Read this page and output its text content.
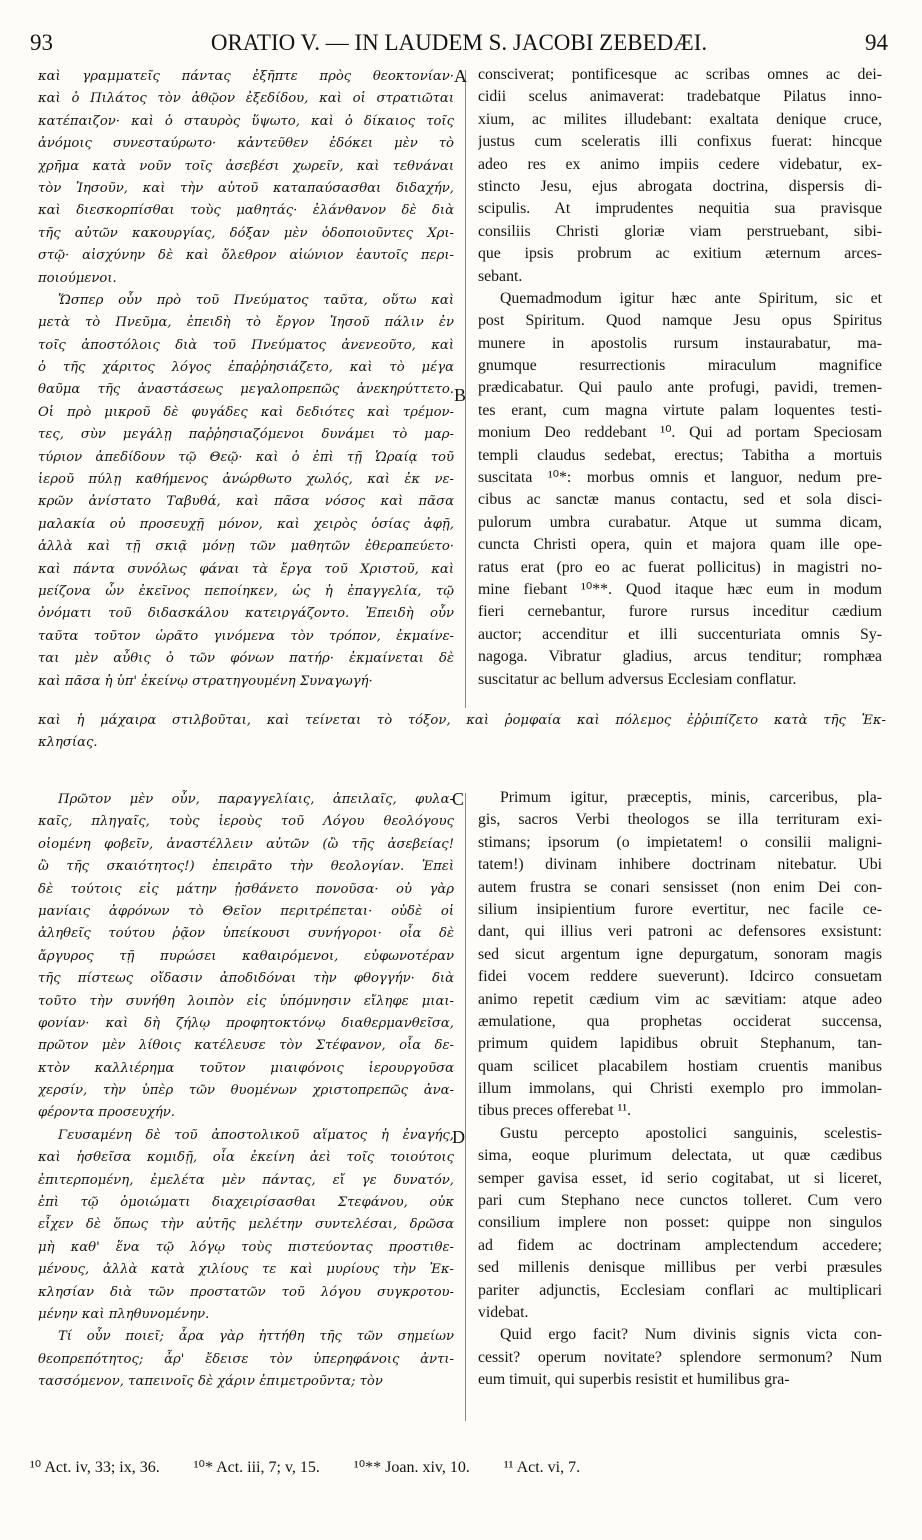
93	ORATIO V. — IN LAUDEM S. JACOBI ZEBEDÆI.	94
A
B
C
D
καὶ γραμματεῖς πάντας ἐξῆπτε πρὸς θεοκτονίαν·
καὶ ὁ Πιλάτος τὸν ἀθῷον ἐξεδίδου, καὶ οἱ στρατιῶται
κατέπαιζον· καὶ ὁ σταυρὸς ὕψωτο, καὶ ὁ δίκαιος τοῖς
ἀνόμοις συνεσταύρωτο· κἀντεῦθεν ἐδόκει μὲν τὸ
χρῆμα κατὰ νοῦν τοῖς ἀσεβέσι χωρεῖν, καὶ τεθνάναι
τὸν Ἰησοῦν, καὶ τὴν αὐτοῦ καταπαύσασθαι διδαχήν,
καὶ διεσκορπίσθαι τοὺς μαθητάς· ἐλάνθανον δὲ διὰ
τῆς αὐτῶν κακουργίας, δόξαν μὲν ὁδοποιοῦντες Χρι-
στῷ· αἰσχύνην δὲ καὶ ὄλεθρον αἰώνιον ἑαυτοῖς περι-
ποιούμενοι.
Ὥσπερ οὖν πρὸ τοῦ Πνεύματος ταῦτα, οὕτω καὶ
μετὰ τὸ Πνεῦμα, ἐπειδὴ τὸ ἔργον Ἰησοῦ πάλιν ἐν
τοῖς ἀποστόλοις διὰ τοῦ Πνεύματος ἀνενεοῦτο, καὶ
ὁ τῆς χάριτος λόγος ἐπαῤῥησιάζετο, καὶ τὸ μέγα
θαῦμα τῆς ἀναστάσεως μεγαλοπρεπῶς ἀνεκηρύττετο.
Οἱ πρὸ μικροῦ δὲ φυγάδες καὶ δεδιότες καὶ τρέμον-
τες, σὺν μεγάλῃ παῤῥησιαζόμενοι δυνάμει τὸ μαρ-
τύριον ἀπεδίδουν τῷ Θεῷ· καὶ ὁ ἐπὶ τῇ Ὡραίᾳ τοῦ
ἱεροῦ πύλῃ καθήμενος ἀνώρθωτο χωλός, καὶ ἐκ νε-
κρῶν ἀνίστατο Ταβυθά, καὶ πᾶσα νόσος καὶ πᾶσα
μαλακία οὐ προσευχῇ μόνον, καὶ χειρὸς ὁσίας ἀφῇ,
ἀλλὰ καὶ τῇ σκιᾷ μόνῃ τῶν μαθητῶν ἐθεραπεύετο·
καὶ πάντα συνόλως φάναι τὰ ἔργα τοῦ Χριστοῦ, καὶ
μείζονα ὧν ἐκεῖνος πεποίηκεν, ὡς ἡ ἐπαγγελία, τῷ
ὀνόματι τοῦ διδασκάλου κατειργάζοντο. Ἐπειδὴ οὖν
ταῦτα τοῦτον ὡρᾶτο γινόμενα τὸν τρόπον, ἐκμαίνε-
ται μὲν αὖθις ὁ τῶν φόνων πατήρ· ἐκμαίνεται δὲ
καὶ πᾶσα ἡ ὑπ' ἐκείνῳ στρατηγουμένη Συναγωγή·
consciverat; pontificesque ac scribas omnes ac dei-
cidii scelus animaverat: tradebatque Pilatus inno-
xium, ac milites illudebant: exaltata denique cruce,
justus cum sceleratis illi confixus fuerat: hincque
adeo res ex animo impiis cedere videbatur, ex-
stincto Jesu, ejus abrogata doctrina, dispersis di-
scipulis. At imprudentes nequitia sua pravisque
consiliis Christi gloriæ viam perstruebant, sibi-
que ipsis probrum ac exitium æternum arces-
sebant.
Quemadmodum igitur hæc ante Spiritum, sic et
post Spiritum. Quod namque Jesu opus Spiritus
munere in apostolis rursum instaurabatur, ma-
gnumque resurrectionis miraculum magnifice
prædicabatur. Qui paulo ante profugi, pavidi, tremen-
tes erant, cum magna virtute palam loquentes testi-
monium Deo reddebant ¹⁰. Qui ad portam Speciosam
templi claudus sedebat, erectus; Tabitha a mortuis
suscitata ¹⁰*: morbus omnis et languor, nedum pre-
cibus ac sanctæ manus contactu, sed et sola disci-
pulorum umbra curabatur. Atque ut summa dicam,
cuncta Christi opera, quin et majora quam ille ope-
ratus erat (pro eo ac fuerat pollicitus) in magistri no-
mine fiebant ¹⁰**. Quod itaque hæc eum in modum
fieri cernebantur, furore rursus inceditur cædium
auctor; accenditur et illi succenturiata omnis Sy-
nagoga. Vibratur gladius, arcus tenditur; romphæa
suscitatur ac bellum adversus Ecclesiam conflatur.
καὶ ἡ μάχαιρα στιλβοῦται, καὶ τείνεται τὸ τόξον, καὶ ῥομφαία καὶ πόλεμος ἐῤῥιπίζετο κατὰ τῆς Ἐκ-
κλησίας.
Πρῶτον μὲν οὖν, παραγγελίαις, ἀπειλαῖς, φυλα-
καῖς, πληγαῖς, τοὺς ἱεροὺς τοῦ Λόγου θεολόγους
οἰομένη φοβεῖν, ἀναστέλλειν αὐτῶν (ὢ τῆς ἀσεβείας!
ὢ τῆς σκαιότητος!) ἐπειρᾶτο τὴν θεολογίαν. Ἐπεὶ
δὲ τούτοις εἰς μάτην ᾐσθάνετο πονοῦσα· οὐ γὰρ
μανίαις ἀφρόνων τὸ Θεῖον περιτρέπεται· οὐδὲ οἱ
ἀληθεῖς τούτου ῥᾷον ὑπείκουσι συνήγοροι· οἷα δὲ
ἄργυρος τῇ πυρώσει καθαιρόμενοι, εὐφωνοτέραν
τῆς πίστεως οἴδασιν ἀποδιδόναι τὴν φθογγήν· διὰ
τοῦτο τὴν συνήθη λοιπὸν εἰς ὑπόμνησιν εἴληφε μιαι-
φονίαν· καὶ δὴ ζήλῳ προφητοκτόνῳ διαθερμανθεῖσα,
πρῶτον μὲν λίθοις κατέλευσε τὸν Στέφανον, οἷα δε-
κτὸν καλλιέρημα τοῦτον μιαιφόνοις ἱερουργοῦσα
χερσίν, τὴν ὑπὲρ τῶν θυομένων χριστοπρεπῶς ἀνα-
φέροντα προσευχήν.
Γευσαμένη δὲ τοῦ ἀποστολικοῦ αἵματος ἡ ἐναγής,
καὶ ἡσθεῖσα κομιδῇ, οἷα ἐκείνη ἀεὶ τοῖς τοιούτοις
ἐπιτερπομένη, ἐμελέτα μὲν πάντας, εἴ γε δυνατόν,
ἐπὶ τῷ ὁμοιώματι διαχειρίσασθαι Στεφάνου, οὐκ
εἶχεν δὲ ὅπως τὴν αὐτῆς μελέτην συντελέσαι, δρῶσα
μὴ καθ' ἕνα τῷ λόγῳ τοὺς πιστεύοντας προστιθε-
μένους, ἀλλὰ κατὰ χιλίους τε καὶ μυρίους τὴν Ἐκ-
κλησίαν διὰ τῶν προστατῶν τοῦ λόγου συγκροτου-
μένην καὶ πληθυνομένην.
Τί οὖν ποιεῖ; ἆρα γὰρ ἡττήθη τῆς τῶν σημείων
θεοπρεπότητος; ἆρ' ἔδεισε τὸν ὑπερηφάνοις ἀντι-
τασσόμενον, ταπεινοῖς δὲ χάριν ἐπιμετροῦντα; τὸν
Primum igitur, præceptis, minis, carceribus, pla-
gis, sacros Verbi theologos se illa territuram exi-
stimans; ipsorum (o impietatem! o consilii maligni-
tatem!) divinam inhibere doctrinam nitebatur. Ubi
autem frustra se conari sensisset (non enim Dei con-
silium insipientium furore evertitur, nec facile ce-
dant, qui illius veri patroni ac defensores exsistunt:
sed sicut argentum igne depurgatum, sonoram magis
fidei vocem reddere sueverunt). Idcirco consuetam
animo repetit cædium vim ac sævitiam: atque adeo
æmulatione, qua prophetas occiderat succensa,
primum quidem lapidibus obruit Stephanum, tan-
quam scilicet placabilem hostiam cruentis manibus
illum immolans, qui Christi exemplo pro immolan-
tibus preces offerebat ¹¹.
Gustu percepto apostolici sanguinis, scelestis-
sima, eoque plurimum delectata, ut quæ cædibus
semper gavisa esset, id serio cogitabat, ut si liceret,
pari cum Stephano nece cunctos tolleret. Cum vero
consilium implere non posset: quippe non singulos
ad fidem ac doctrinam amplectendum accedere;
sed millenis denisque millibus per verbi præsules
pariter adjunctis, Ecclesiam conflari ac multiplicari
videbat.
Quid ergo facit? Num divinis signis victa con-
cessit? operum novitate? splendore sermonum? Num
eum timuit, qui superbis resistit et humilibus gra-
¹⁰ Act. iv, 33; ix, 36. ¹⁰* Act. iii, 7; v, 15. ¹⁰** Joan. xiv, 10. ¹¹ Act. vi, 7.
